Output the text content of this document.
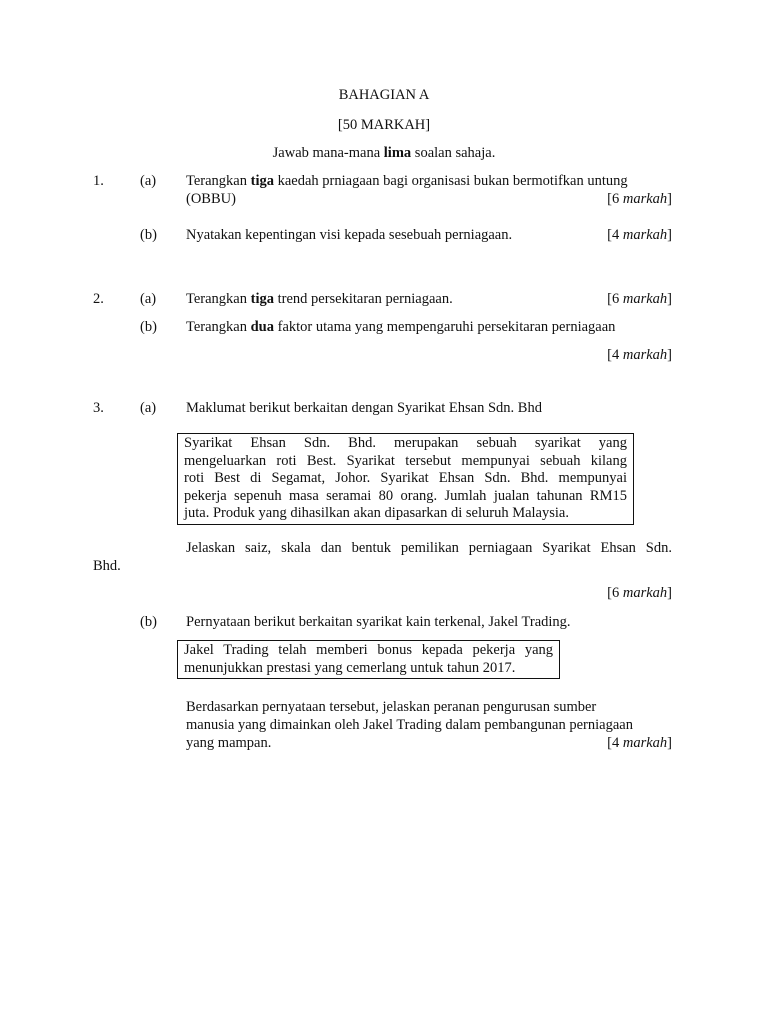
BAHAGIAN A
[50 MARKAH]
Jawab mana-mana lima soalan sahaja.
1. (a) Terangkan tiga kaedah prniagaan bagi organisasi bukan bermotifkan untung
(OBBU)	[6 markah]
(b) Nyatakan kepentingan visi kepada sesebuah perniagaan.	[4 markah]
2. (a) Terangkan tiga trend persekitaran perniagaan.	[6 markah]
(b) Terangkan dua faktor utama yang mempengaruhi persekitaran perniagaan
[4 markah]
3. (a) Maklumat berikut berkaitan dengan Syarikat Ehsan Sdn. Bhd
Syarikat Ehsan Sdn. Bhd. merupakan sebuah syarikat yang
mengeluarkan roti Best. Syarikat tersebut mempunyai sebuah kilang
roti Best di Segamat, Johor. Syarikat Ehsan Sdn. Bhd. mempunyai
pekerja sepenuh masa seramai 80 orang. Jumlah jualan tahunan RM15
juta. Produk yang dihasilkan akan dipasarkan di seluruh Malaysia.
Jelaskan saiz, skala dan bentuk pemilikan perniagaan Syarikat Ehsan Sdn.
Bhd.
[6 markah]
(b) Pernyataan berikut berkaitan syarikat kain terkenal, Jakel Trading.
Jakel Trading telah memberi bonus kepada pekerja yang
menunjukkan prestasi yang cemerlang untuk tahun 2017.
Berdasarkan pernyataan tersebut, jelaskan peranan pengurusan sumber
manusia yang dimainkan oleh Jakel Trading dalam pembangunan perniagaan
yang mampan.	[4 markah]
